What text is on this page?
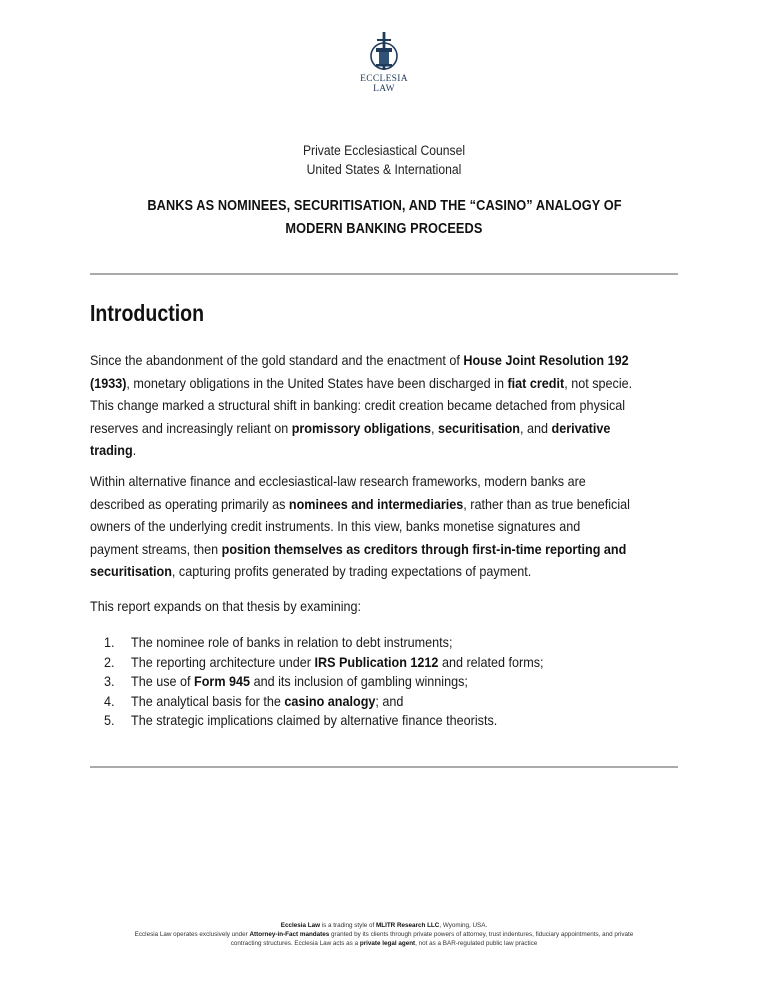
ECCLESIA
LAW
Private Ecclesiastical Counsel
United States & International
BANKS AS NOMINEES, SECURITISATION, AND THE “CASINO” ANALOGY OF
MODERN BANKING PROCEEDS
Introduction
Since the abandonment of the gold standard and the enactment of House Joint Resolution 192
(1933), monetary obligations in the United States have been discharged in fiat credit, not specie.
This change marked a structural shift in banking: credit creation became detached from physical
reserves and increasingly reliant on promissory obligations, securitisation, and derivative
trading.
Within alternative finance and ecclesiastical-law research frameworks, modern banks are
described as operating primarily as nominees and intermediaries, rather than as true beneficial
owners of the underlying credit instruments. In this view, banks monetise signatures and
payment streams, then position themselves as creditors through first-in-time reporting and
securitisation, capturing profits generated by trading expectations of payment.
This report expands on that thesis by examining:
1. The nominee role of banks in relation to debt instruments;
2. The reporting architecture under IRS Publication 1212 and related forms;
3. The use of Form 945 and its inclusion of gambling winnings;
4. The analytical basis for the casino analogy; and
5. The strategic implications claimed by alternative finance theorists.
Ecclesia Law is a trading style of MLITR Research LLC, Wyoming, USA.
Ecclesia Law operates exclusively under Attorney-in-Fact mandates granted by its clients through private powers of attorney, trust indentures, fiduciary appointments, and private
contracting structures. Ecclesia Law acts as a private legal agent, not as a BAR-regulated public law practice
